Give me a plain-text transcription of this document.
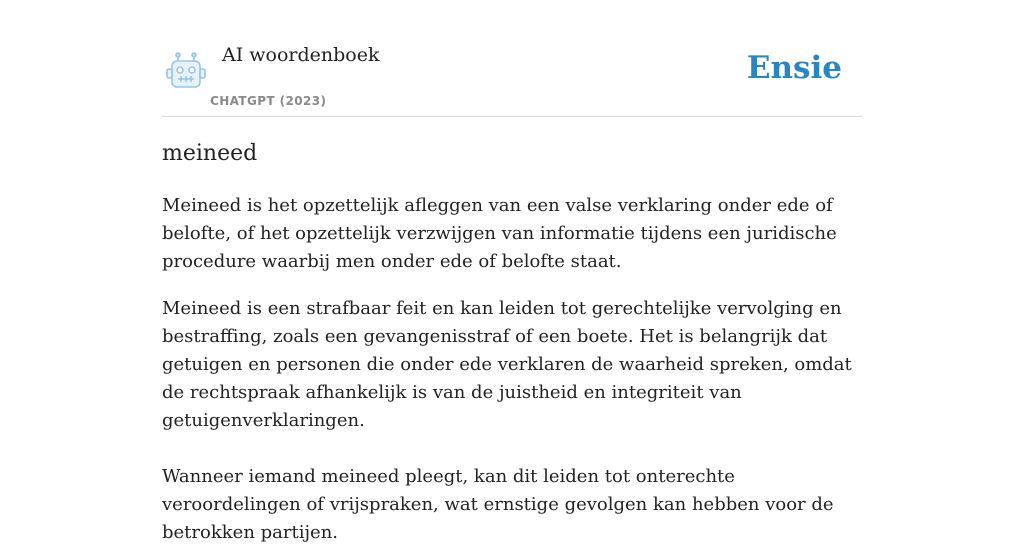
AI woordenboek
CHATGPT (2023)
Ensie
meineed

Meineed is het opzettelijk afleggen van een valse verklaring onder ede of belofte, of het opzettelijk verzwijgen van informatie tijdens een juridische procedure waarbij men onder ede of belofte staat.

Meineed is een strafbaar feit en kan leiden tot gerechtelijke vervolging en bestraffing, zoals een gevangenisstraf of een boete. Het is belangrijk dat getuigen en personen die onder ede verklaren de waarheid spreken, omdat de rechtspraak afhankelijk is van de juistheid en integriteit van getuigenverklaringen.

Wanneer iemand meineed pleegt, kan dit leiden tot onterechte veroordelingen of vrijspraken, wat ernstige gevolgen kan hebben voor de betrokken partijen.
